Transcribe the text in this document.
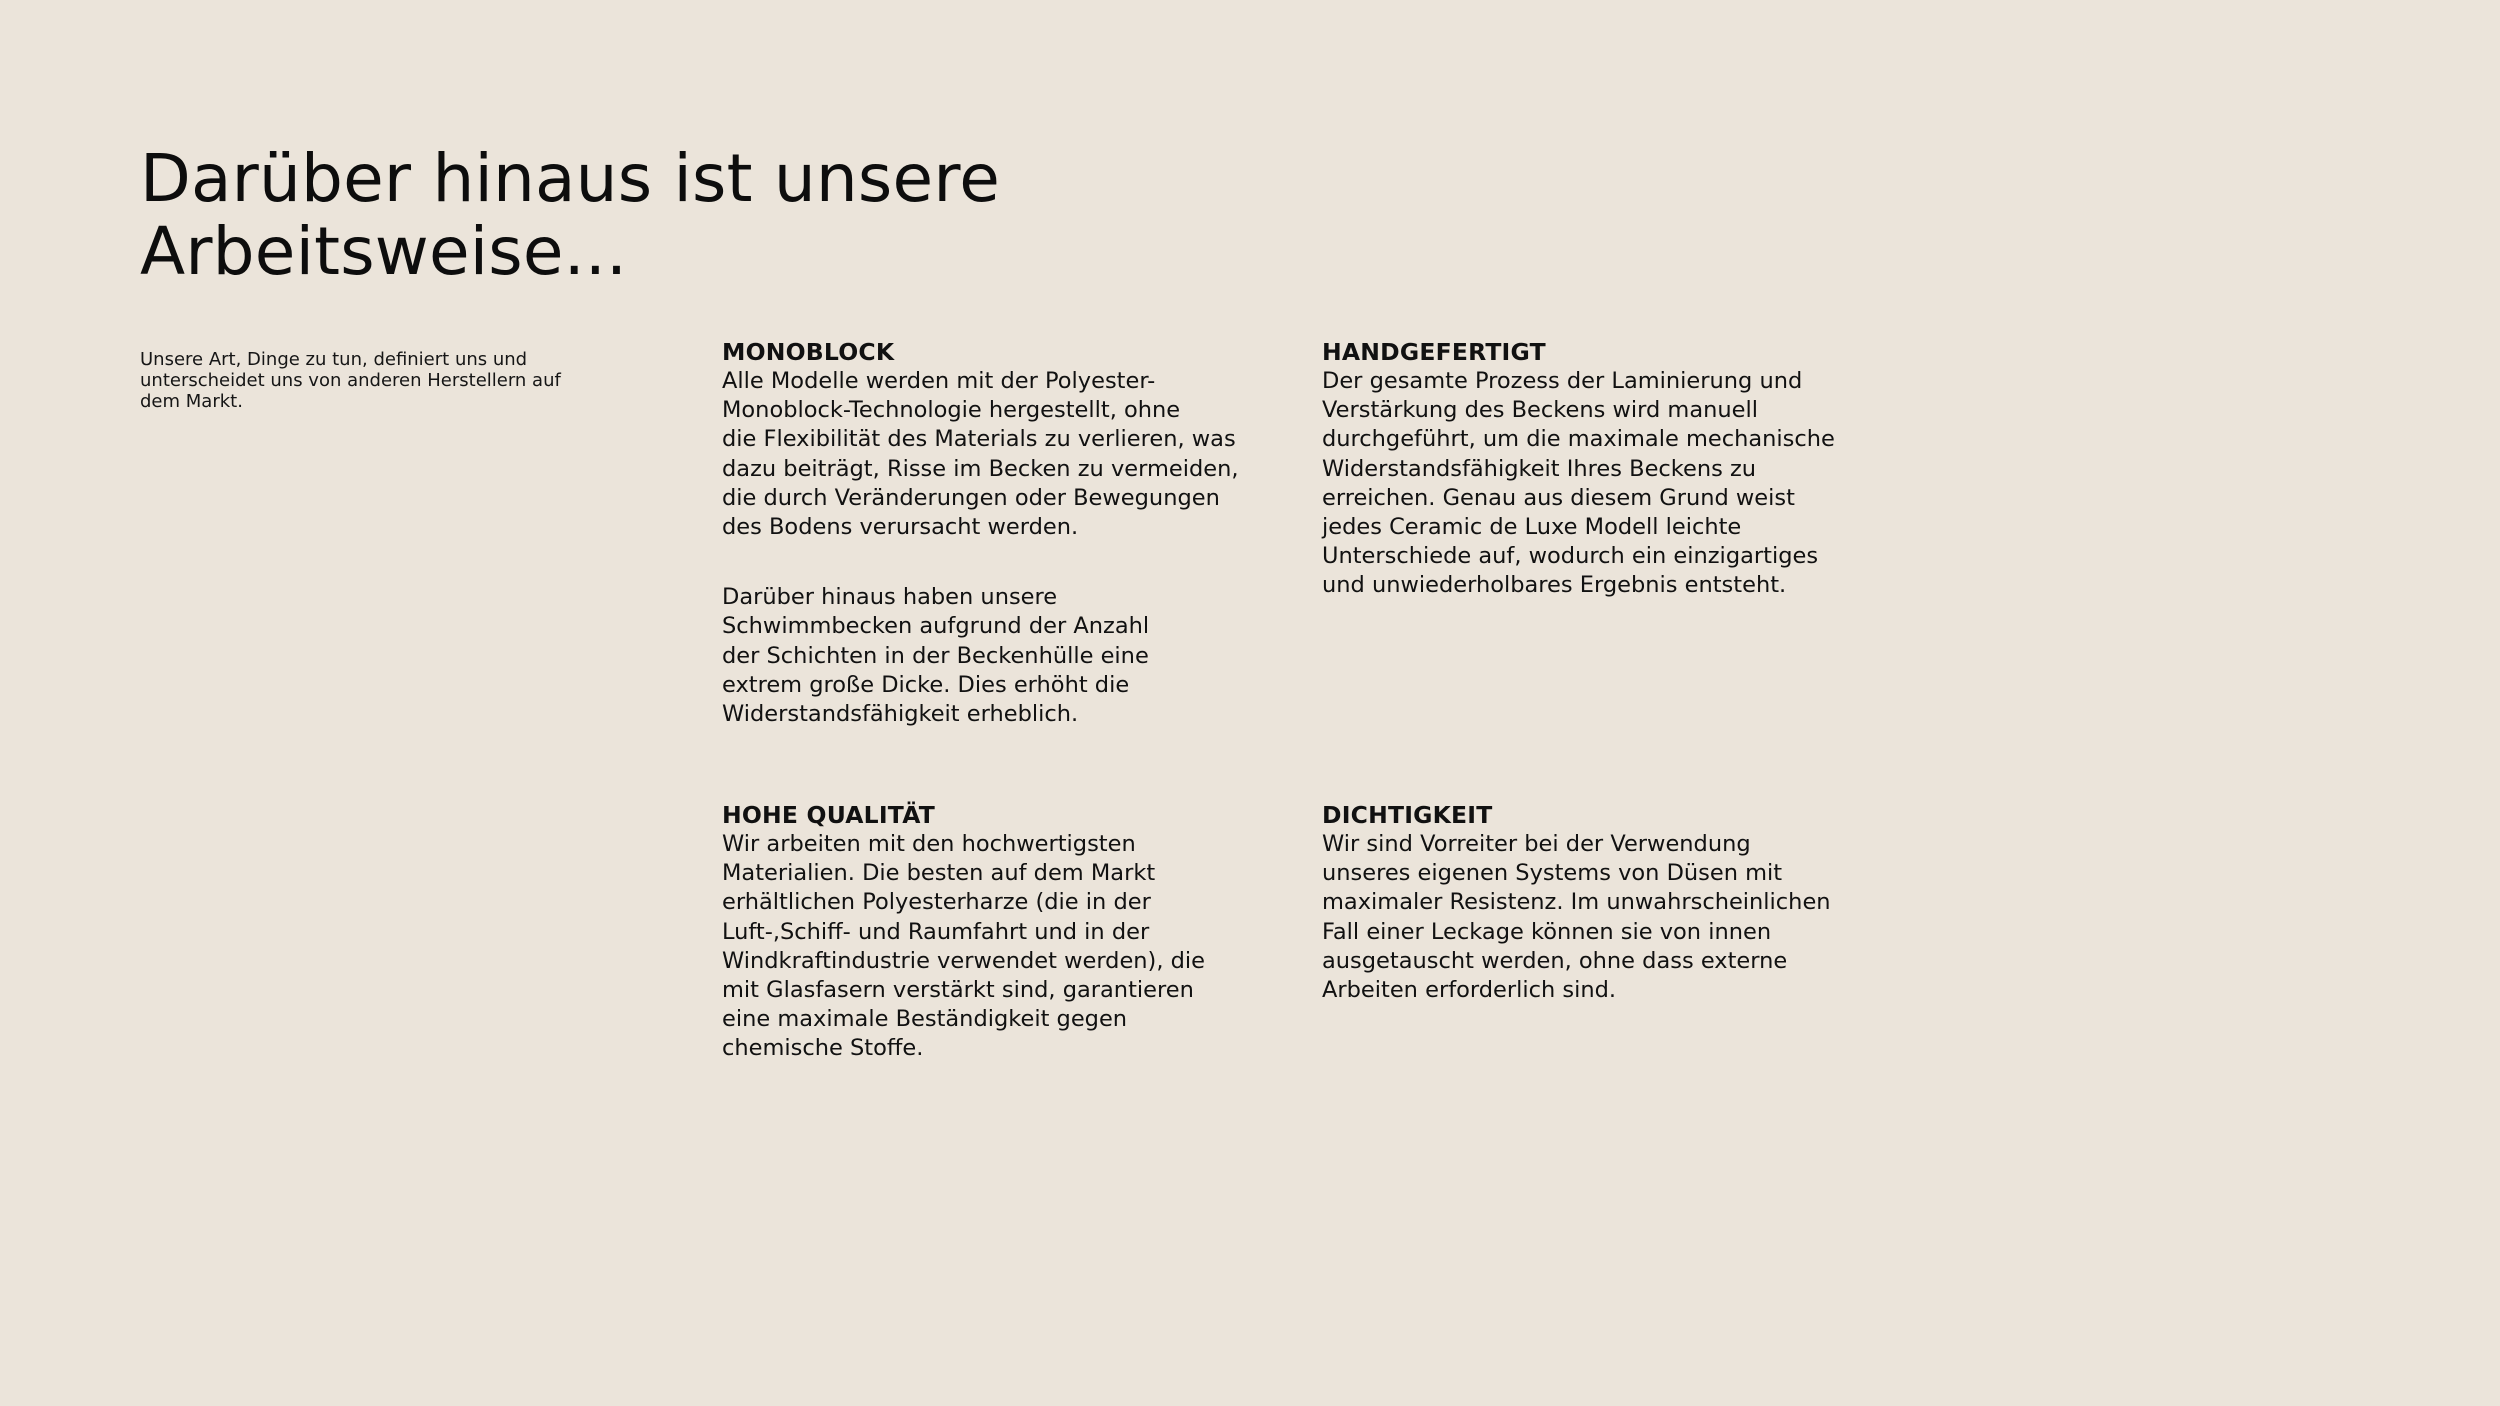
Darüber hinaus ist unsere
Arbeitsweise...

Unsere Art, Dinge zu tun, definiert uns und
unterscheidet uns von anderen Herstellern auf
dem Markt.

MONOBLOCK

Alle Modelle werden mit der Polyester-
Monoblock-Technologie hergestellt, ohne
die Flexibilität des Materials zu verlieren, was
dazu beiträgt, Risse im Becken zu vermeiden,
die durch Veränderungen oder Bewegungen
des Bodens verursacht werden.

Darüber hinaus haben unsere
Schwimmbecken aufgrund der Anzahl
der Schichten in der Beckenhülle eine
extrem große Dicke. Dies erhöht die
Widerstandsfähigkeit erheblich.

HANDGEFERTIGT

Der gesamte Prozess der Laminierung und
Verstärkung des Beckens wird manuell
durchgeführt, um die maximale mechanische
Widerstandsfähigkeit Ihres Beckens zu
erreichen. Genau aus diesem Grund weist
jedes Ceramic de Luxe Modell leichte
Unterschiede auf, wodurch ein einzigartiges
und unwiederholbares Ergebnis entsteht.

HOHE QUALITÄT

Wir arbeiten mit den hochwertigsten
Materialien. Die besten auf dem Markt
erhältlichen Polyesterharze (die in der
Luft-,Schiff- und Raumfahrt und in der
Windkraftindustrie verwendet werden), die
mit Glasfasern verstärkt sind, garantieren
eine maximale Beständigkeit gegen
chemische Stoffe.

DICHTIGKEIT

Wir sind Vorreiter bei der Verwendung
unseres eigenen Systems von Düsen mit
maximaler Resistenz. Im unwahrscheinlichen
Fall einer Leckage können sie von innen
ausgetauscht werden, ohne dass externe
Arbeiten erforderlich sind.
